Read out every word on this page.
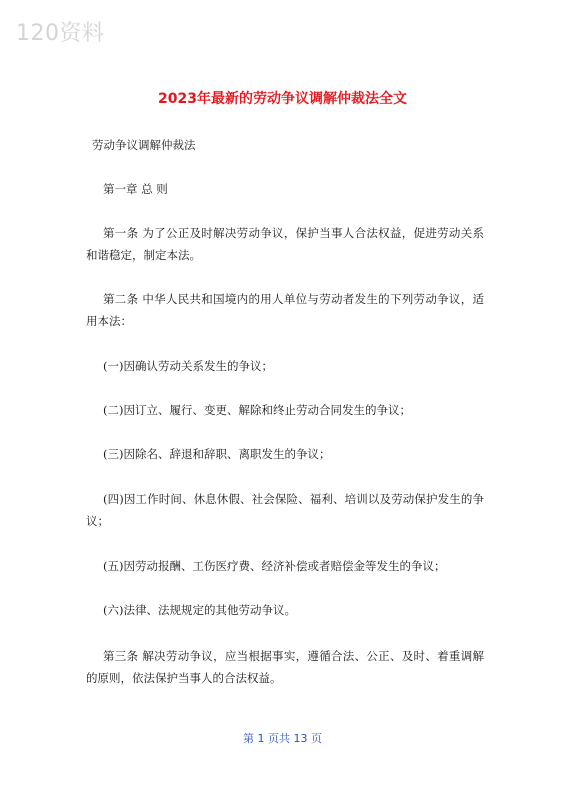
120资料
2023年最新的劳动争议调解仲裁法全文

劳动争议调解仲裁法

第一章 总 则

第一条 为了公正及时解决劳动争议，保护当事人合法权益，促进劳动关系和谐稳定，制定本法。

第二条 中华人民共和国境内的用人单位与劳动者发生的下列劳动争议，适用本法：

(一)因确认劳动关系发生的争议；

(二)因订立、履行、变更、解除和终止劳动合同发生的争议；

(三)因除名、辞退和辞职、离职发生的争议；

(四)因工作时间、休息休假、社会保险、福利、培训以及劳动保护发生的争议；

(五)因劳动报酬、工伤医疗费、经济补偿或者赔偿金等发生的争议；

(六)法律、法规规定的其他劳动争议。

第三条 解决劳动争议，应当根据事实，遵循合法、公正、及时、着重调解的原则，依法保护当事人的合法权益。

第 1 页共 13 页
